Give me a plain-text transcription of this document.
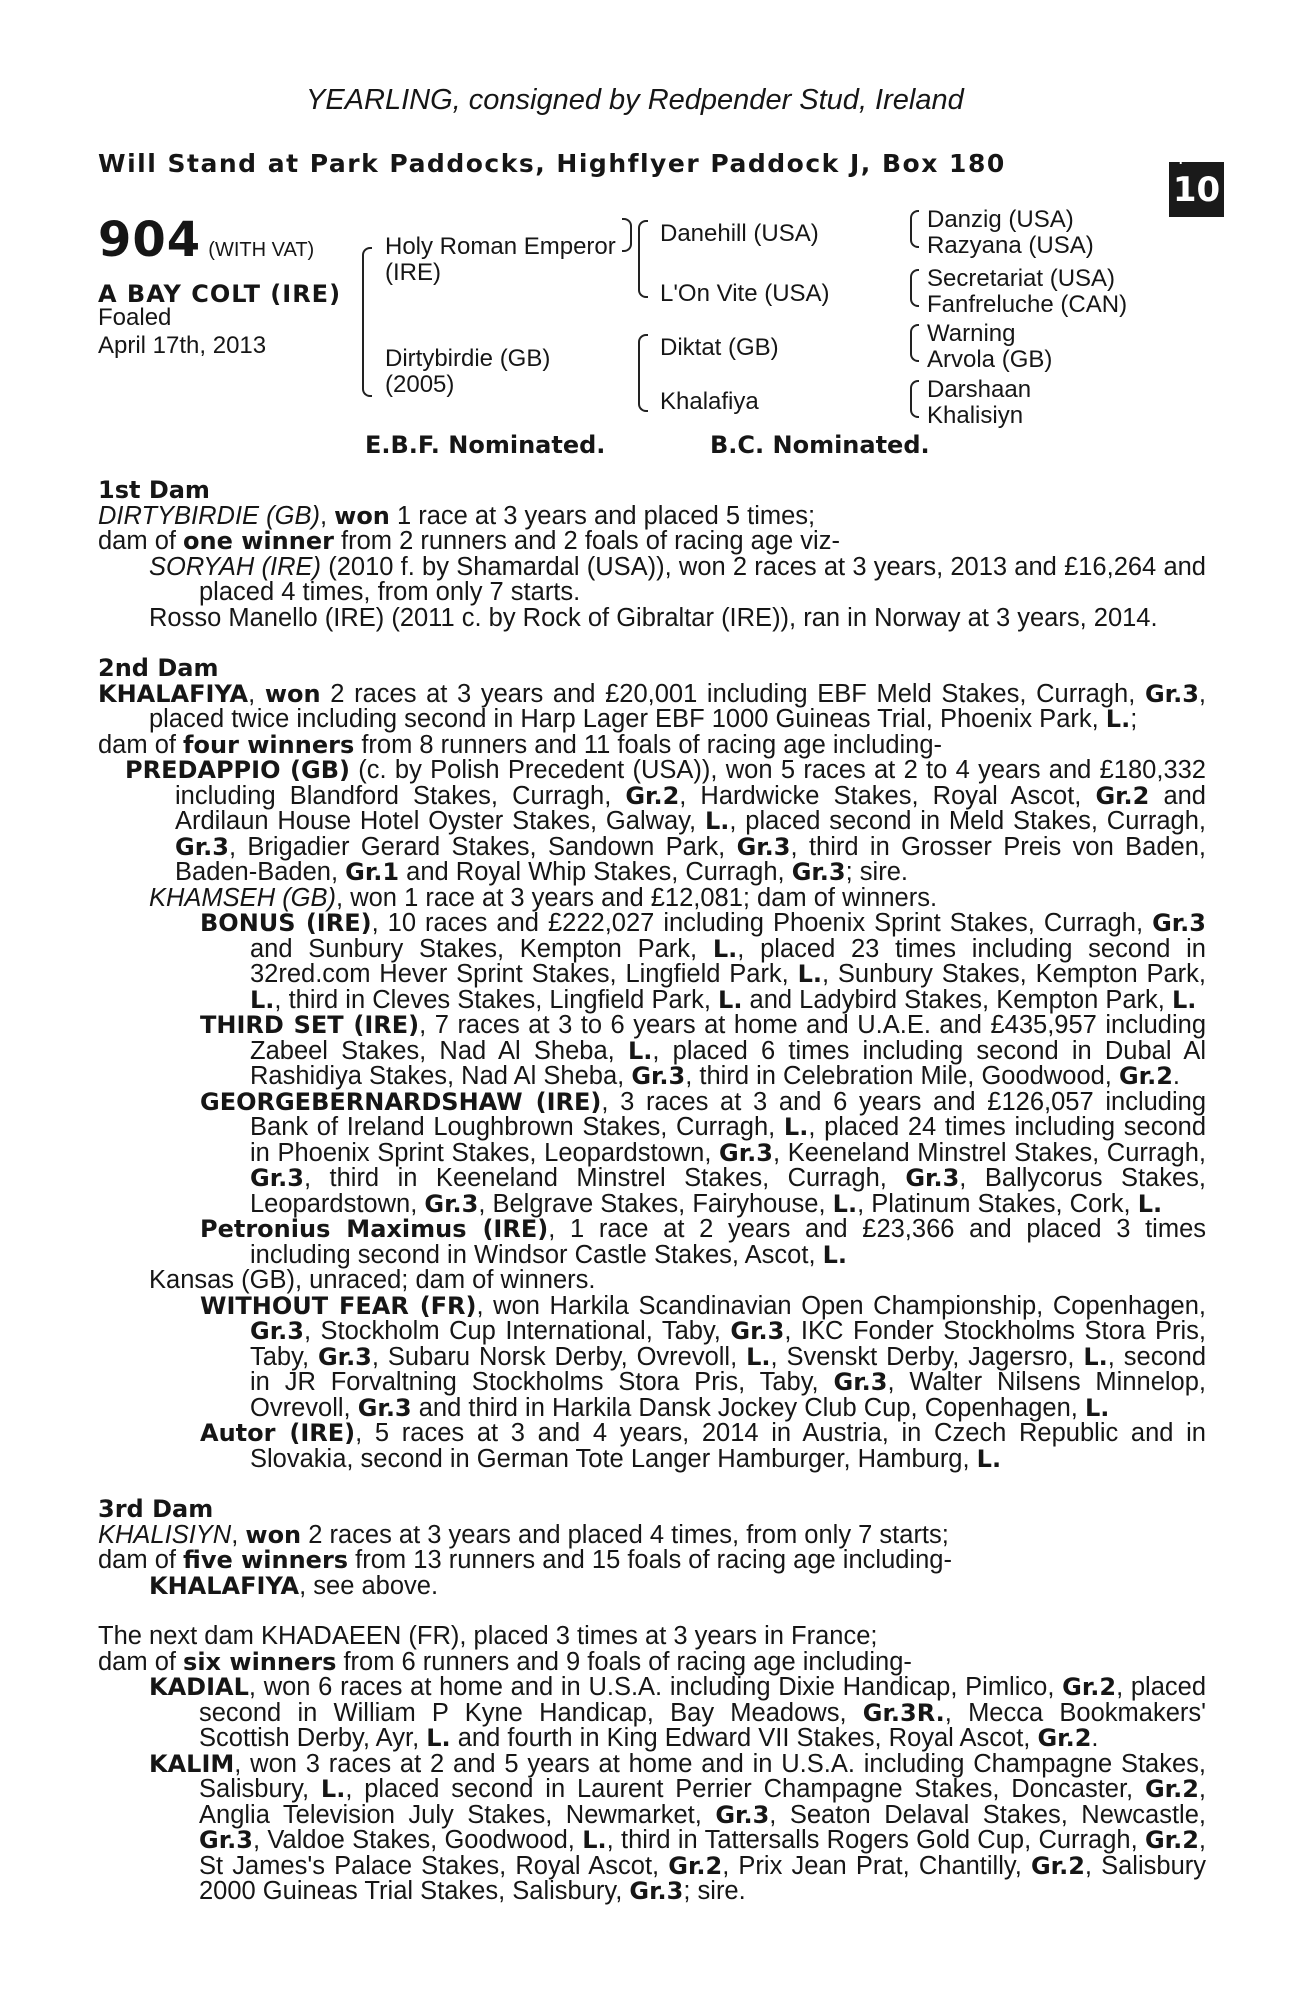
YEARLING, consigned by Redpender Stud, Ireland
Will Stand at Park Paddocks, Highflyer Paddock J, Box 180	+
10
904 (WITH VAT)
A BAY COLT (IRE)
Foaled
April 17th, 2013
Holy Roman Emperor
(IRE)
Dirtybirdie (GB)
(2005)
Danehill (USA)
L'On Vite (USA)
Diktat (GB)
Khalafiya
Danzig (USA)
Razyana (USA)
Secretariat (USA)
Fanfreluche (CAN)
Warning
Arvola (GB)
Darshaan
Khalisiyn
E.B.F. Nominated.	B.C. Nominated.
1st Dam
DIRTYBIRDIE (GB), won 1 race at 3 years and placed 5 times;
dam of one winner from 2 runners and 2 foals of racing age viz-
SORYAH (IRE) (2010 f. by Shamardal (USA)), won 2 races at 3 years, 2013 and £16,264 and placed 4 times, from only 7 starts.
Rosso Manello (IRE) (2011 c. by Rock of Gibraltar (IRE)), ran in Norway at 3 years, 2014.
2nd Dam
KHALAFIYA, won 2 races at 3 years and £20,001 including EBF Meld Stakes, Curragh, Gr.3, placed twice including second in Harp Lager EBF 1000 Guineas Trial, Phoenix Park, L.;
dam of four winners from 8 runners and 11 foals of racing age including-
PREDAPPIO (GB) (c. by Polish Precedent (USA)), won 5 races at 2 to 4 years and £180,332 including Blandford Stakes, Curragh, Gr.2, Hardwicke Stakes, Royal Ascot, Gr.2 and Ardilaun House Hotel Oyster Stakes, Galway, L., placed second in Meld Stakes, Curragh, Gr.3, Brigadier Gerard Stakes, Sandown Park, Gr.3, third in Grosser Preis von Baden, Baden-Baden, Gr.1 and Royal Whip Stakes, Curragh, Gr.3; sire.
KHAMSEH (GB), won 1 race at 3 years and £12,081; dam of winners.
BONUS (IRE), 10 races and £222,027 including Phoenix Sprint Stakes, Curragh, Gr.3 and Sunbury Stakes, Kempton Park, L., placed 23 times including second in 32red.com Hever Sprint Stakes, Lingfield Park, L., Sunbury Stakes, Kempton Park, L., third in Cleves Stakes, Lingfield Park, L. and Ladybird Stakes, Kempton Park, L.
THIRD SET (IRE), 7 races at 3 to 6 years at home and U.A.E. and £435,957 including Zabeel Stakes, Nad Al Sheba, L., placed 6 times including second in Dubal Al Rashidiya Stakes, Nad Al Sheba, Gr.3, third in Celebration Mile, Goodwood, Gr.2.
GEORGEBERNARDSHAW (IRE), 3 races at 3 and 6 years and £126,057 including Bank of Ireland Loughbrown Stakes, Curragh, L., placed 24 times including second in Phoenix Sprint Stakes, Leopardstown, Gr.3, Keeneland Minstrel Stakes, Curragh, Gr.3, third in Keeneland Minstrel Stakes, Curragh, Gr.3, Ballycorus Stakes, Leopardstown, Gr.3, Belgrave Stakes, Fairyhouse, L., Platinum Stakes, Cork, L.
Petronius Maximus (IRE), 1 race at 2 years and £23,366 and placed 3 times including second in Windsor Castle Stakes, Ascot, L.
Kansas (GB), unraced; dam of winners.
WITHOUT FEAR (FR), won Harkila Scandinavian Open Championship, Copenhagen, Gr.3, Stockholm Cup International, Taby, Gr.3, IKC Fonder Stockholms Stora Pris, Taby, Gr.3, Subaru Norsk Derby, Ovrevoll, L., Svenskt Derby, Jagersro, L., second in JR Forvaltning Stockholms Stora Pris, Taby, Gr.3, Walter Nilsens Minnelop, Ovrevoll, Gr.3 and third in Harkila Dansk Jockey Club Cup, Copenhagen, L.
Autor (IRE), 5 races at 3 and 4 years, 2014 in Austria, in Czech Republic and in Slovakia, second in German Tote Langer Hamburger, Hamburg, L.
3rd Dam
KHALISIYN, won 2 races at 3 years and placed 4 times, from only 7 starts;
dam of five winners from 13 runners and 15 foals of racing age including-
KHALAFIYA, see above.
The next dam KHADAEEN (FR), placed 3 times at 3 years in France;
dam of six winners from 6 runners and 9 foals of racing age including-
KADIAL, won 6 races at home and in U.S.A. including Dixie Handicap, Pimlico, Gr.2, placed second in William P Kyne Handicap, Bay Meadows, Gr.3R., Mecca Bookmakers' Scottish Derby, Ayr, L. and fourth in King Edward VII Stakes, Royal Ascot, Gr.2.
KALIM, won 3 races at 2 and 5 years at home and in U.S.A. including Champagne Stakes, Salisbury, L., placed second in Laurent Perrier Champagne Stakes, Doncaster, Gr.2, Anglia Television July Stakes, Newmarket, Gr.3, Seaton Delaval Stakes, Newcastle, Gr.3, Valdoe Stakes, Goodwood, L., third in Tattersalls Rogers Gold Cup, Curragh, Gr.2, St James's Palace Stakes, Royal Ascot, Gr.2, Prix Jean Prat, Chantilly, Gr.2, Salisbury 2000 Guineas Trial Stakes, Salisbury, Gr.3; sire.
